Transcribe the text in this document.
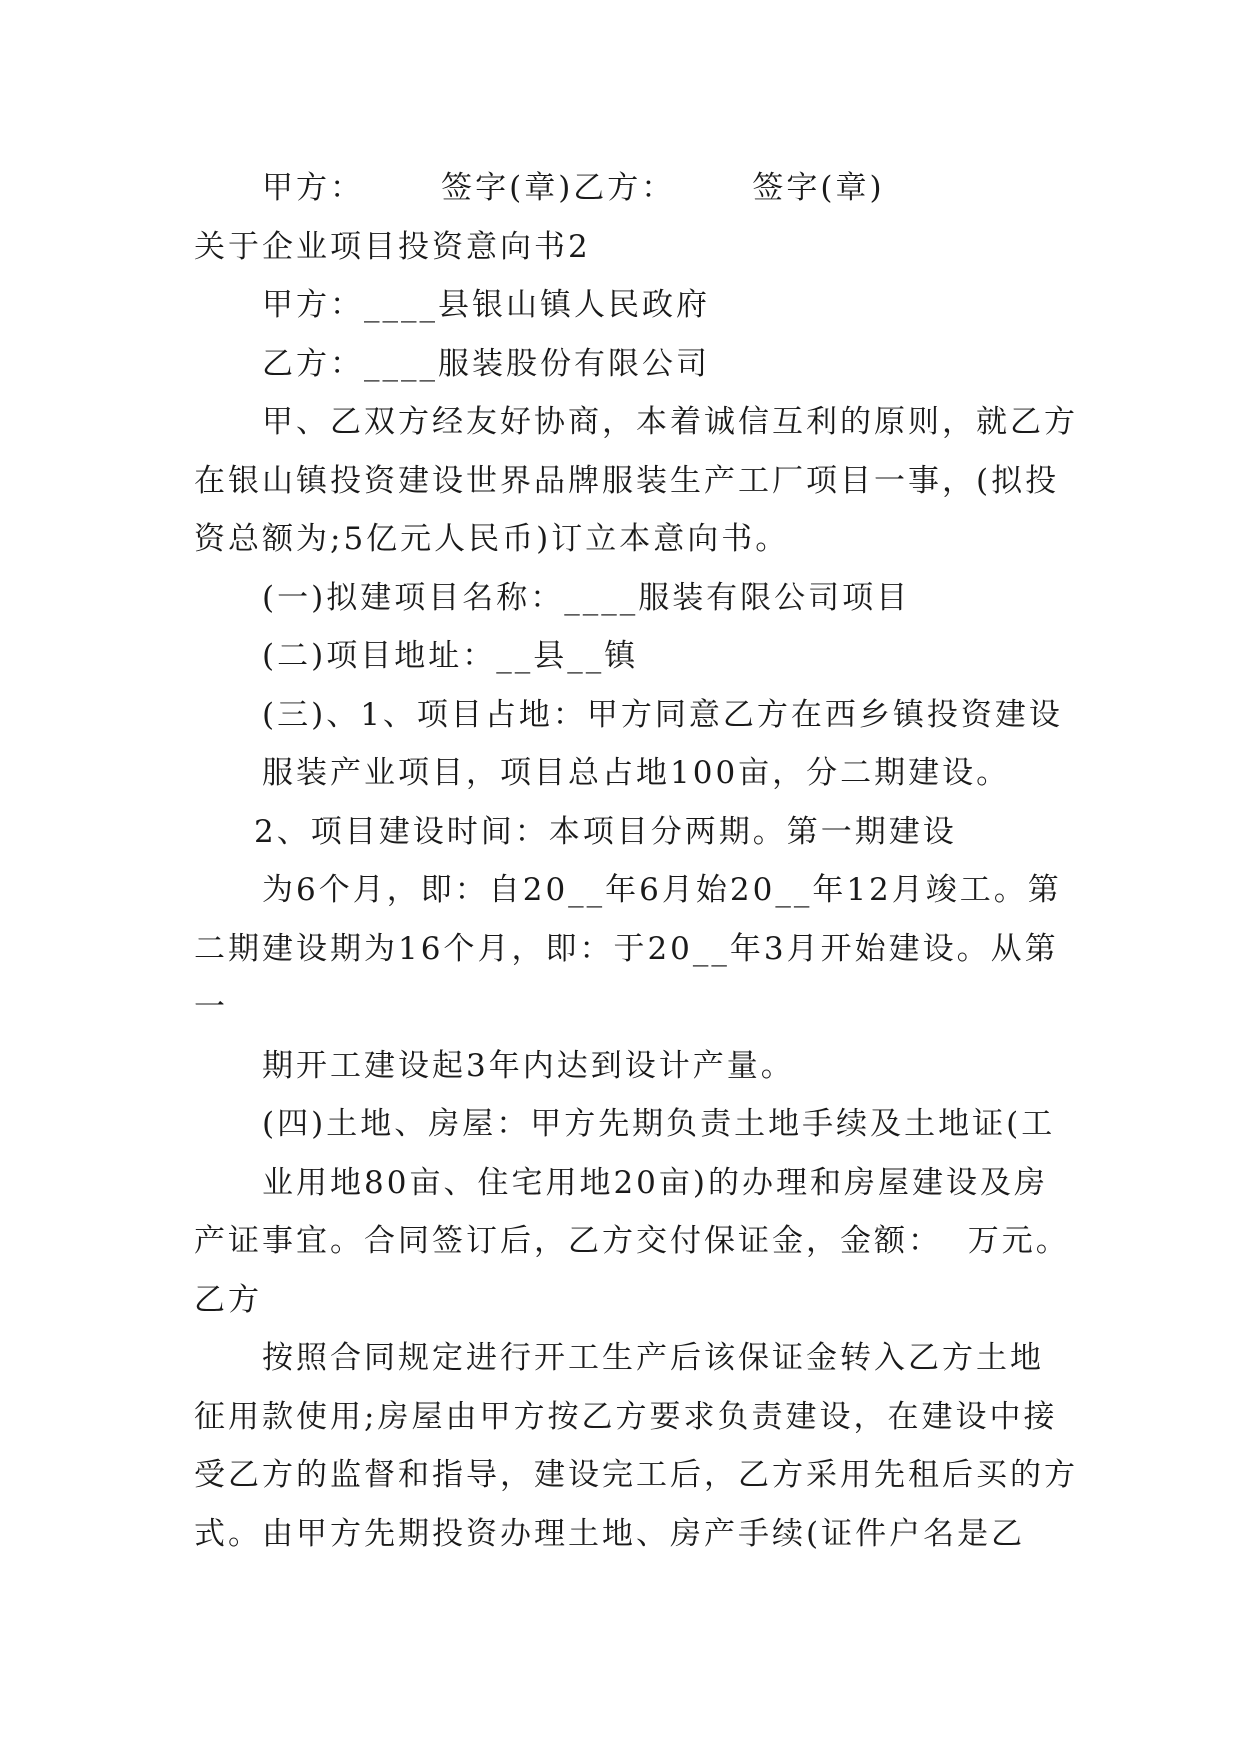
甲方：      签字(章)乙方：      签字(章)

关于企业项目投资意向书2

甲方：____县银山镇人民政府

乙方：____服装股份有限公司

甲、乙双方经友好协商，本着诚信互利的原则，就乙方

在银山镇投资建设世界品牌服装生产工厂项目一事，(拟投

资总额为;5亿元人民币)订立本意向书。

(一)拟建项目名称：____服装有限公司项目

(二)项目地址：__县__镇

(三)、1、项目占地：甲方同意乙方在西乡镇投资建设

服装产业项目，项目总占地100亩，分二期建设。

2、项目建设时间：本项目分两期。第一期建设

为6个月，即：自20__年6月始20__年12月竣工。第

二期建设期为16个月，即：于20__年3月开始建设。从第

一

期开工建设起3年内达到设计产量。

(四)土地、房屋：甲方先期负责土地手续及土地证(工

业用地80亩、住宅用地20亩)的办理和房屋建设及房

产证事宜。合同签订后，乙方交付保证金，金额：  万元。

乙方

按照合同规定进行开工生产后该保证金转入乙方土地

征用款使用;房屋由甲方按乙方要求负责建设，在建设中接

受乙方的监督和指导，建设完工后，乙方采用先租后买的方

式。由甲方先期投资办理土地、房产手续(证件户名是乙
